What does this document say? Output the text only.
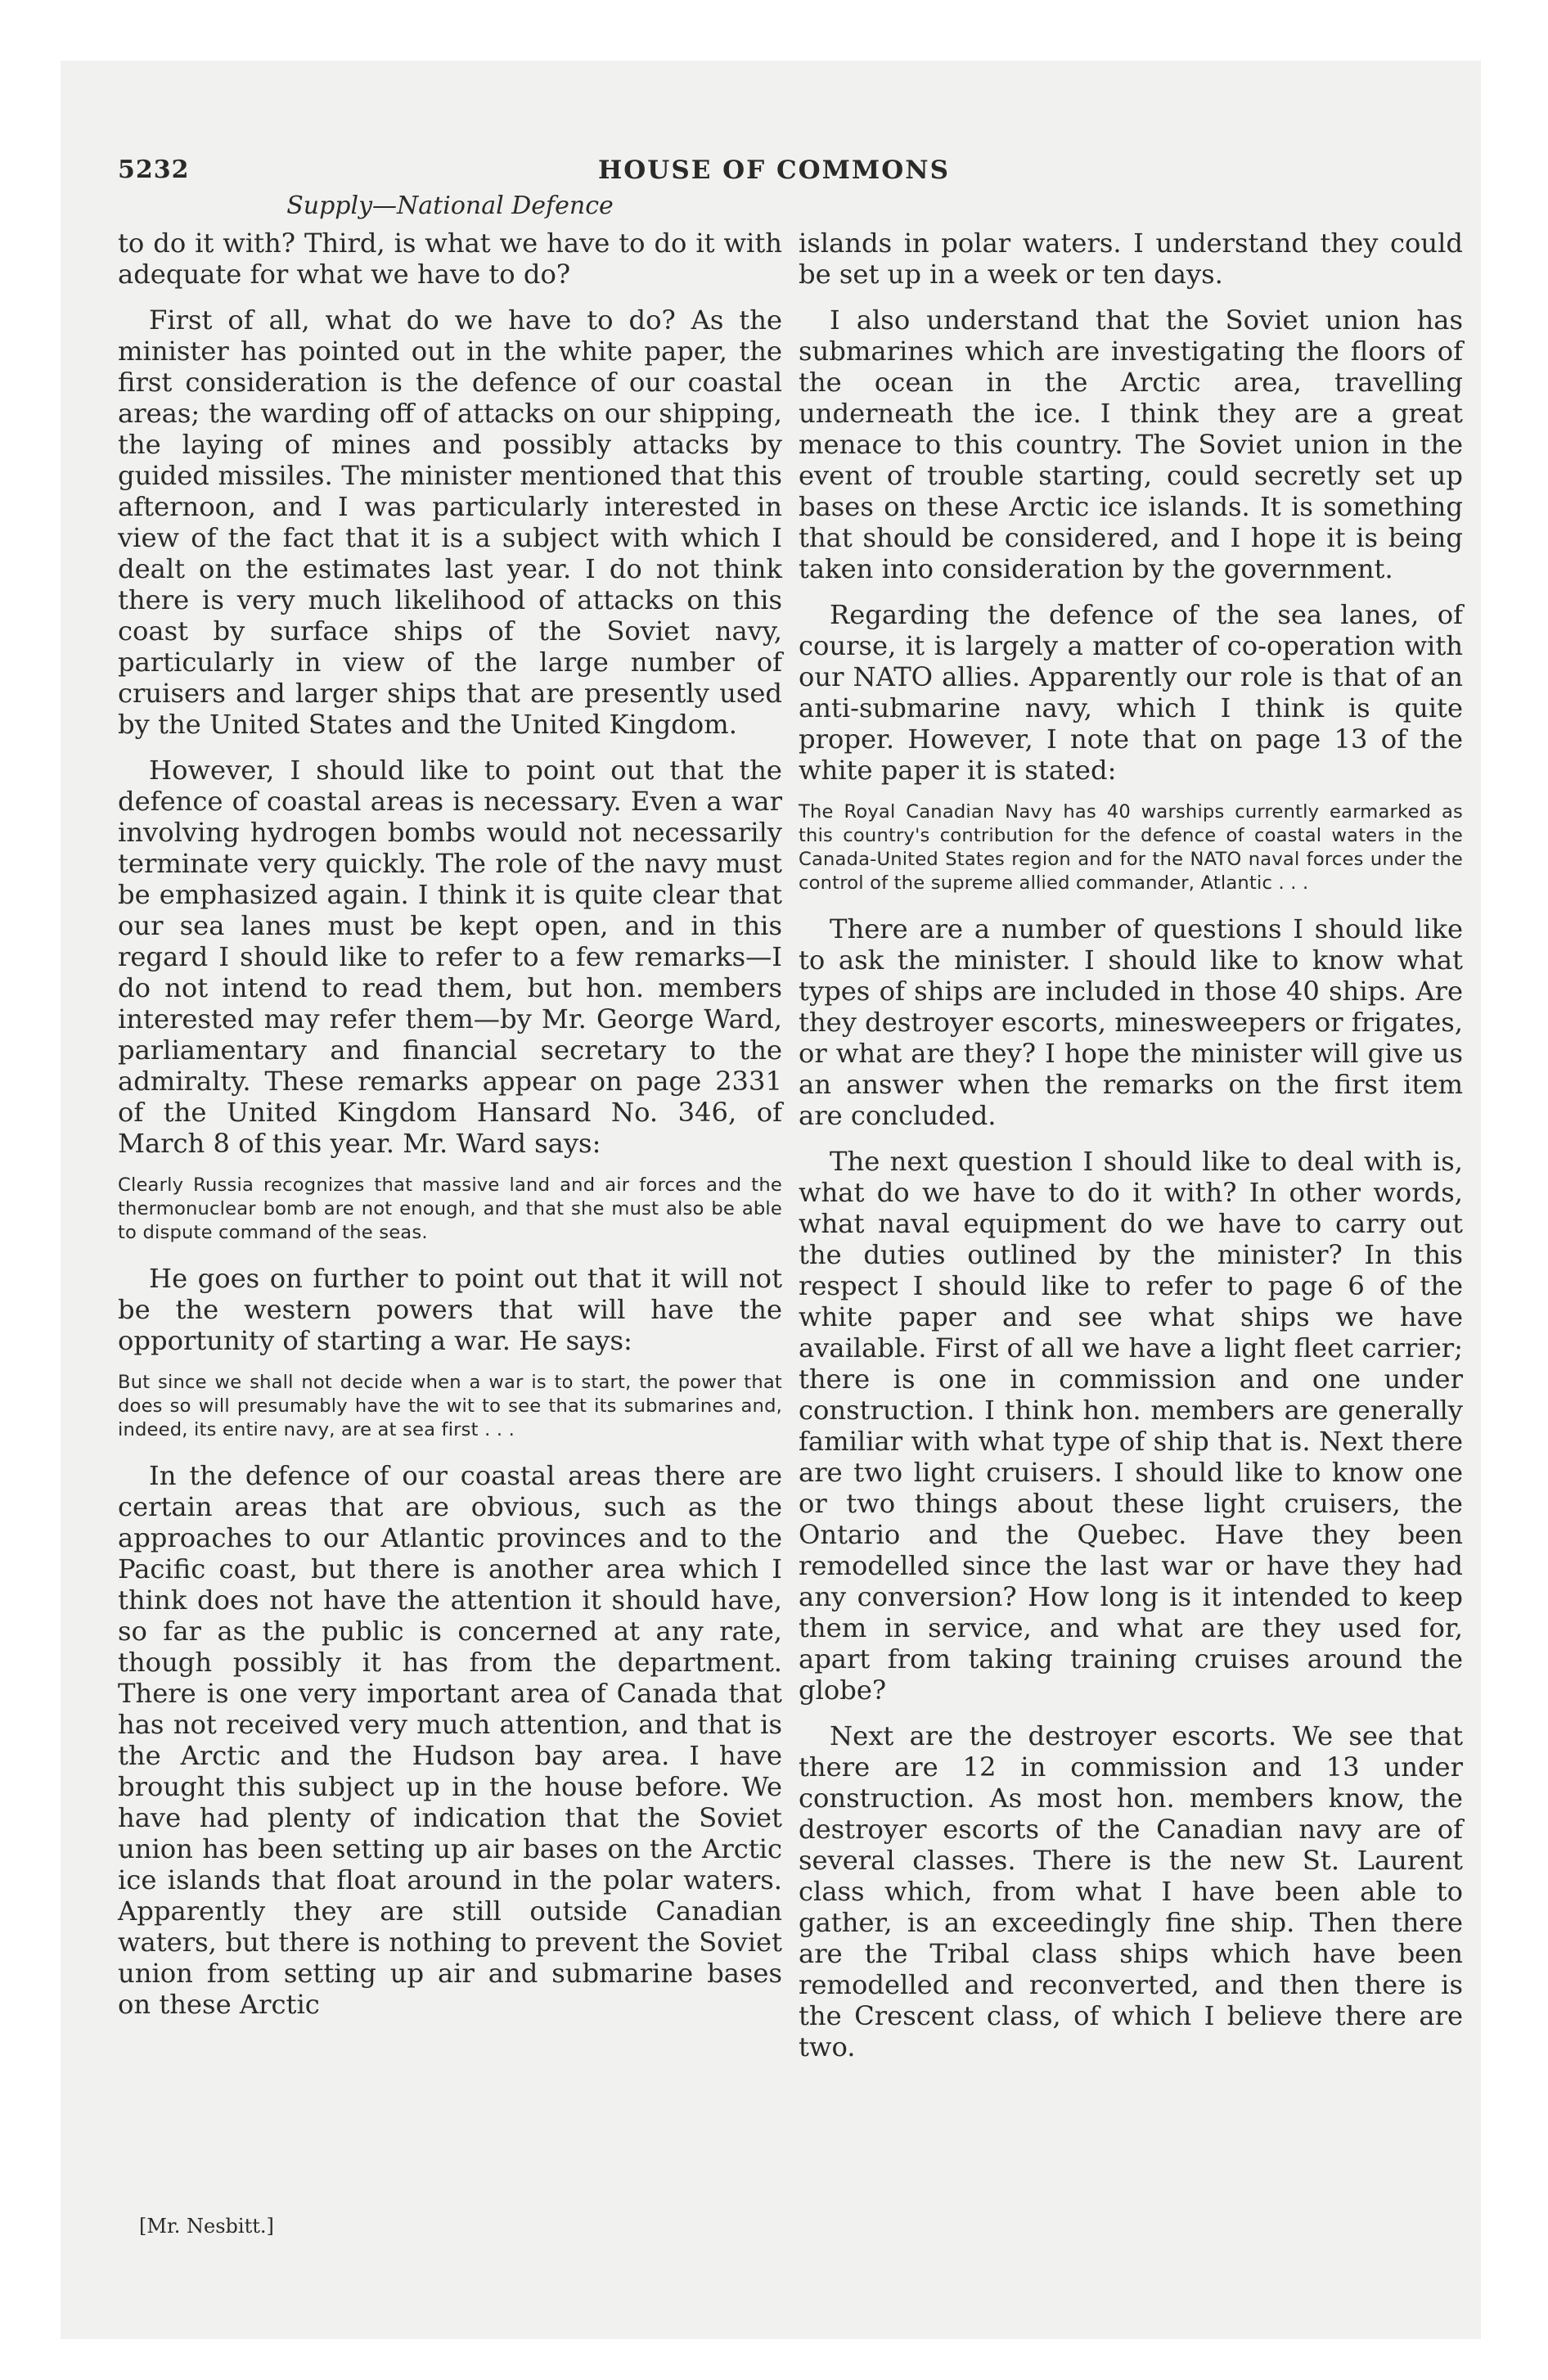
5232	HOUSE OF COMMONS
Supply—National Defence

to do it with? Third, is what we have to do it with adequate for what we have to do?

First of all, what do we have to do? As the minister has pointed out in the white paper, the first consideration is the defence of our coastal areas; the warding off of attacks on our shipping, the laying of mines and possibly attacks by guided missiles. The minister mentioned that this afternoon, and I was particularly interested in view of the fact that it is a subject with which I dealt on the estimates last year. I do not think there is very much likelihood of attacks on this coast by surface ships of the Soviet navy, particularly in view of the large number of cruisers and larger ships that are presently used by the United States and the United Kingdom.

However, I should like to point out that the defence of coastal areas is necessary. Even a war involving hydrogen bombs would not necessarily terminate very quickly. The role of the navy must be emphasized again. I think it is quite clear that our sea lanes must be kept open, and in this regard I should like to refer to a few remarks—I do not intend to read them, but hon. members interested may refer them—by Mr. George Ward, parliamentary and financial secretary to the admiralty. These remarks appear on page 2331 of the United Kingdom Hansard No. 346, of March 8 of this year. Mr. Ward says:

Clearly Russia recognizes that massive land and air forces and the thermonuclear bomb are not enough, and that she must also be able to dispute command of the seas.

He goes on further to point out that it will not be the western powers that will have the opportunity of starting a war. He says:

But since we shall not decide when a war is to start, the power that does so will presumably have the wit to see that its submarines and, indeed, its entire navy, are at sea first . . .

In the defence of our coastal areas there are certain areas that are obvious, such as the approaches to our Atlantic provinces and to the Pacific coast, but there is another area which I think does not have the attention it should have, so far as the public is concerned at any rate, though possibly it has from the department. There is one very important area of Canada that has not received very much attention, and that is the Arctic and the Hudson bay area. I have brought this subject up in the house before. We have had plenty of indication that the Soviet union has been setting up air bases on the Arctic ice islands that float around in the polar waters. Apparently they are still outside Canadian waters, but there is nothing to prevent the Soviet union from setting up air and submarine bases on these Arctic

islands in polar waters. I understand they could be set up in a week or ten days.

I also understand that the Soviet union has submarines which are investigating the floors of the ocean in the Arctic area, travelling underneath the ice. I think they are a great menace to this country. The Soviet union in the event of trouble starting, could secretly set up bases on these Arctic ice islands. It is something that should be considered, and I hope it is being taken into consideration by the government.

Regarding the defence of the sea lanes, of course, it is largely a matter of co-operation with our NATO allies. Apparently our role is that of an anti-submarine navy, which I think is quite proper. However, I note that on page 13 of the white paper it is stated:

The Royal Canadian Navy has 40 warships currently earmarked as this country's contribution for the defence of coastal waters in the Canada-United States region and for the NATO naval forces under the control of the supreme allied commander, Atlantic . . .

There are a number of questions I should like to ask the minister. I should like to know what types of ships are included in those 40 ships. Are they destroyer escorts, minesweepers or frigates, or what are they? I hope the minister will give us an answer when the remarks on the first item are concluded.

The next question I should like to deal with is, what do we have to do it with? In other words, what naval equipment do we have to carry out the duties outlined by the minister? In this respect I should like to refer to page 6 of the white paper and see what ships we have available. First of all we have a light fleet carrier; there is one in commission and one under construction. I think hon. members are generally familiar with what type of ship that is. Next there are two light cruisers. I should like to know one or two things about these light cruisers, the Ontario and the Quebec. Have they been remodelled since the last war or have they had any conversion? How long is it intended to keep them in service, and what are they used for, apart from taking training cruises around the globe?

Next are the destroyer escorts. We see that there are 12 in commission and 13 under construction. As most hon. members know, the destroyer escorts of the Canadian navy are of several classes. There is the new St. Laurent class which, from what I have been able to gather, is an exceedingly fine ship. Then there are the Tribal class ships which have been remodelled and reconverted, and then there is the Crescent class, of which I believe there are two.

[Mr. Nesbitt.]
